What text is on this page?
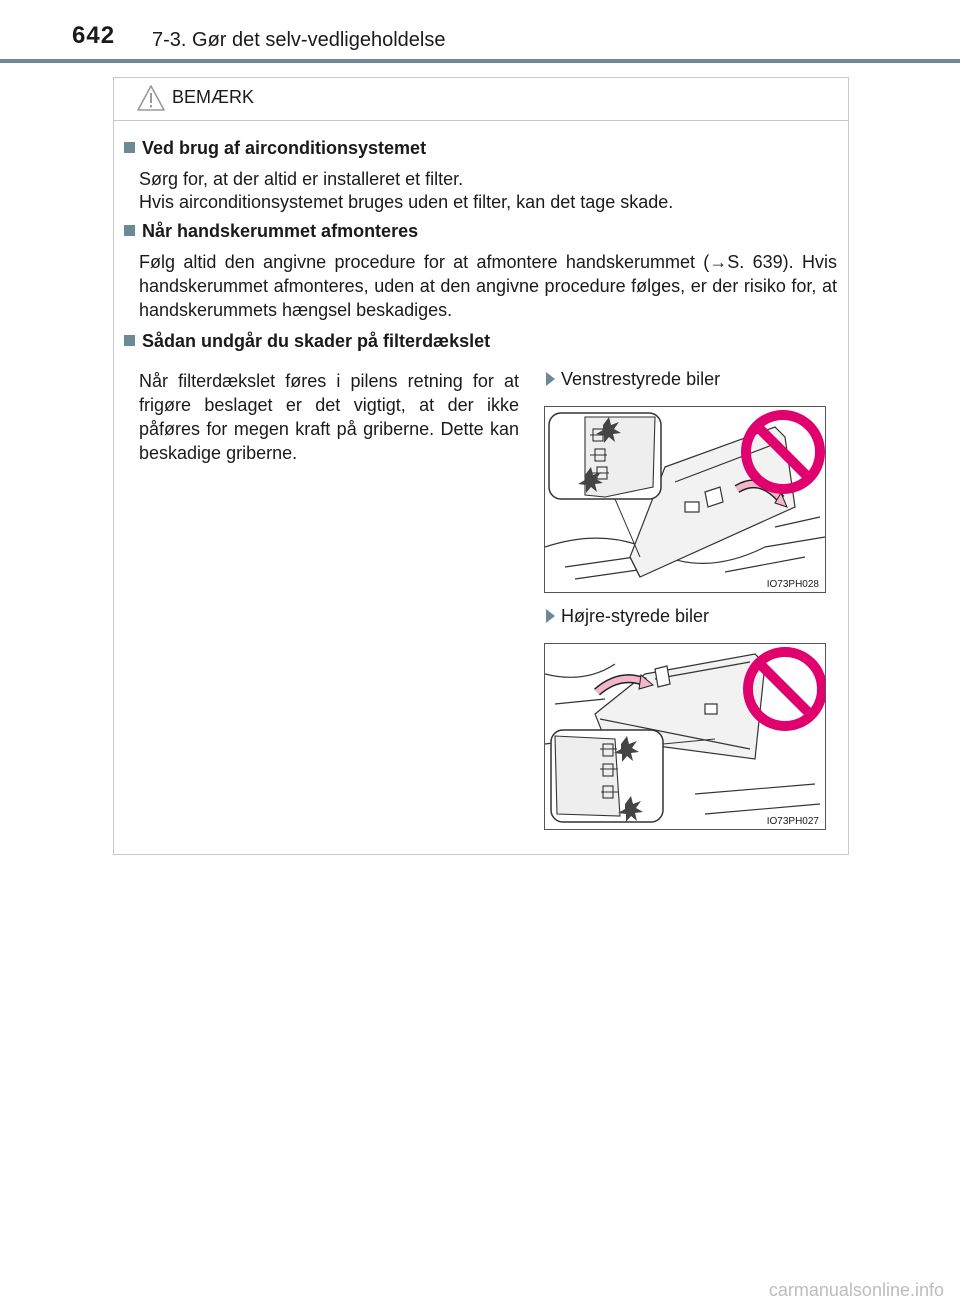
642 7-3. Gør det selv-vedligeholdelse
BEMÆRK
Ved brug af airconditionsystemet
Sørg for, at der altid er installeret et filter.
Hvis airconditionsystemet bruges uden et filter, kan det tage skade.
Når handskerummet afmonteres
Følg altid den angivne procedure for at afmontere handskerummet (→S. 639). Hvis handskerummet afmonteres, uden at den angivne procedure følges, er der risiko for, at handskerummets hængsel beskadiges.
Sådan undgår du skader på filterdækslet
Når filterdækslet føres i pilens retning for at frigøre beslaget er det vigtigt, at der ikke påføres for megen kraft på griberne. Dette kan beskadige griberne.
Venstrestyrede biler
IO73PH028
Højre-styrede biler
IO73PH027
carmanualsonline.info
